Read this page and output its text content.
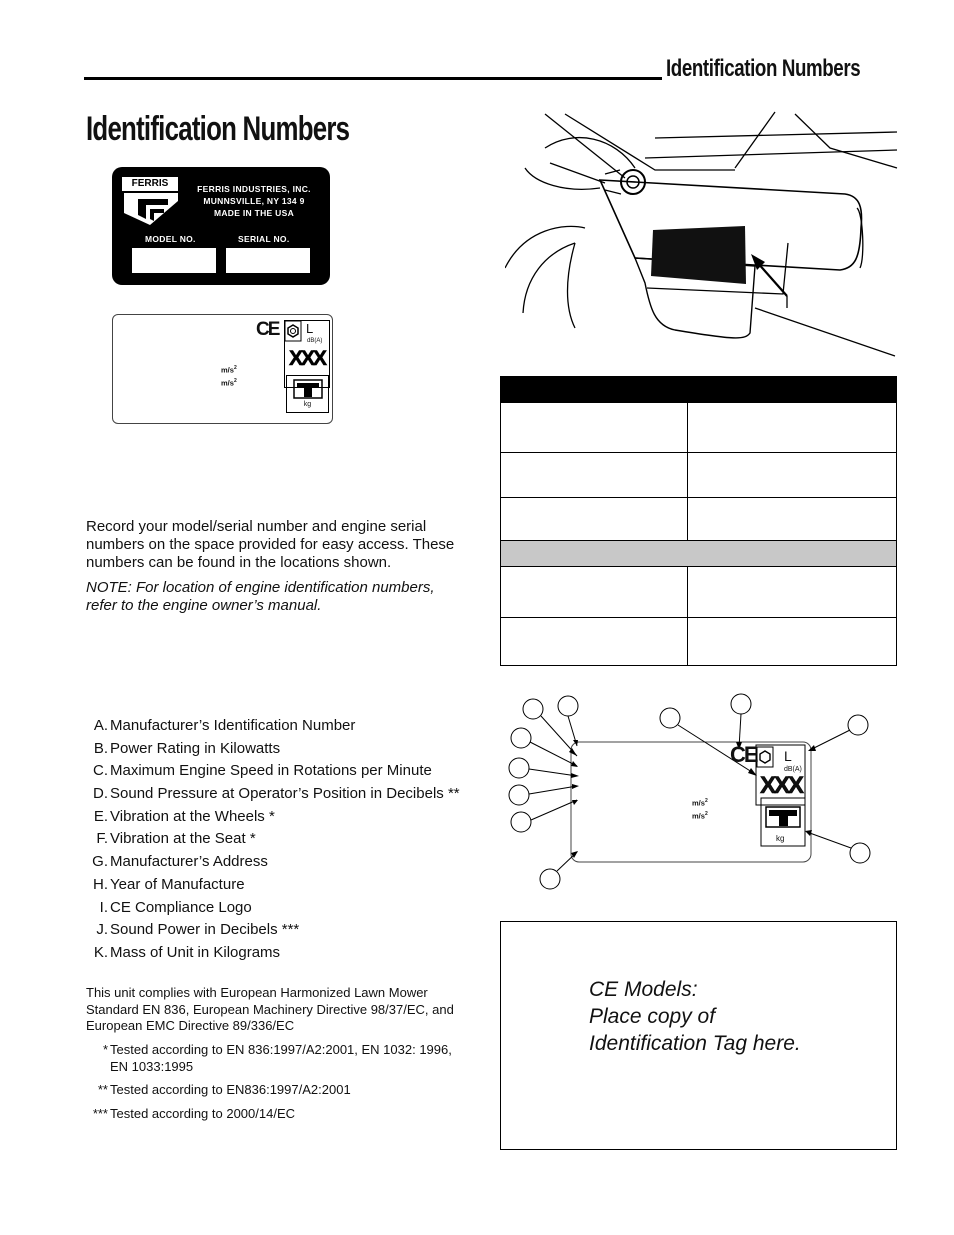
Identification Numbers
Identification Numbers
FERRIS	FERRIS INDUSTRIES, INC.
MUNNSVILLE, NY 134 9
MADE IN THE USA
MODEL NO.	SERIAL NO.
CE L
dB(A)
XXX
kg
$m/s^2$
$m/s^2$
Record your model/serial number and engine serial numbers on the space provided for easy access. These numbers can be found in the locations shown.
NOTE: For location of engine identification numbers, refer to the engine owner’s manual.
CE L
dB(A)
XXX
kg
$m/s^2$
$m/s^2$
A. Manufacturer’s Identification Number
B. Power Rating in Kilowatts
C. Maximum Engine Speed in Rotations per Minute
D. Sound Pressure at Operator’s Position in Decibels **
E. Vibration at the Wheels *
F. Vibration at the Seat *
G. Manufacturer’s Address
H. Year of Manufacture
I. CE Compliance Logo
J. Sound Power in Decibels ***
K. Mass of Unit in Kilograms
This unit complies with European Harmonized Lawn Mower Standard EN 836, European Machinery Directive 98/37/EC, and European EMC Directive 89/336/EC
* Tested according to EN 836:1997/A2:2001, EN 1032: 1996, EN 1033:1995
** Tested according to EN836:1997/A2:2001
*** Tested according to 2000/14/EC
CE Models:
Place copy of
Identification Tag here.
